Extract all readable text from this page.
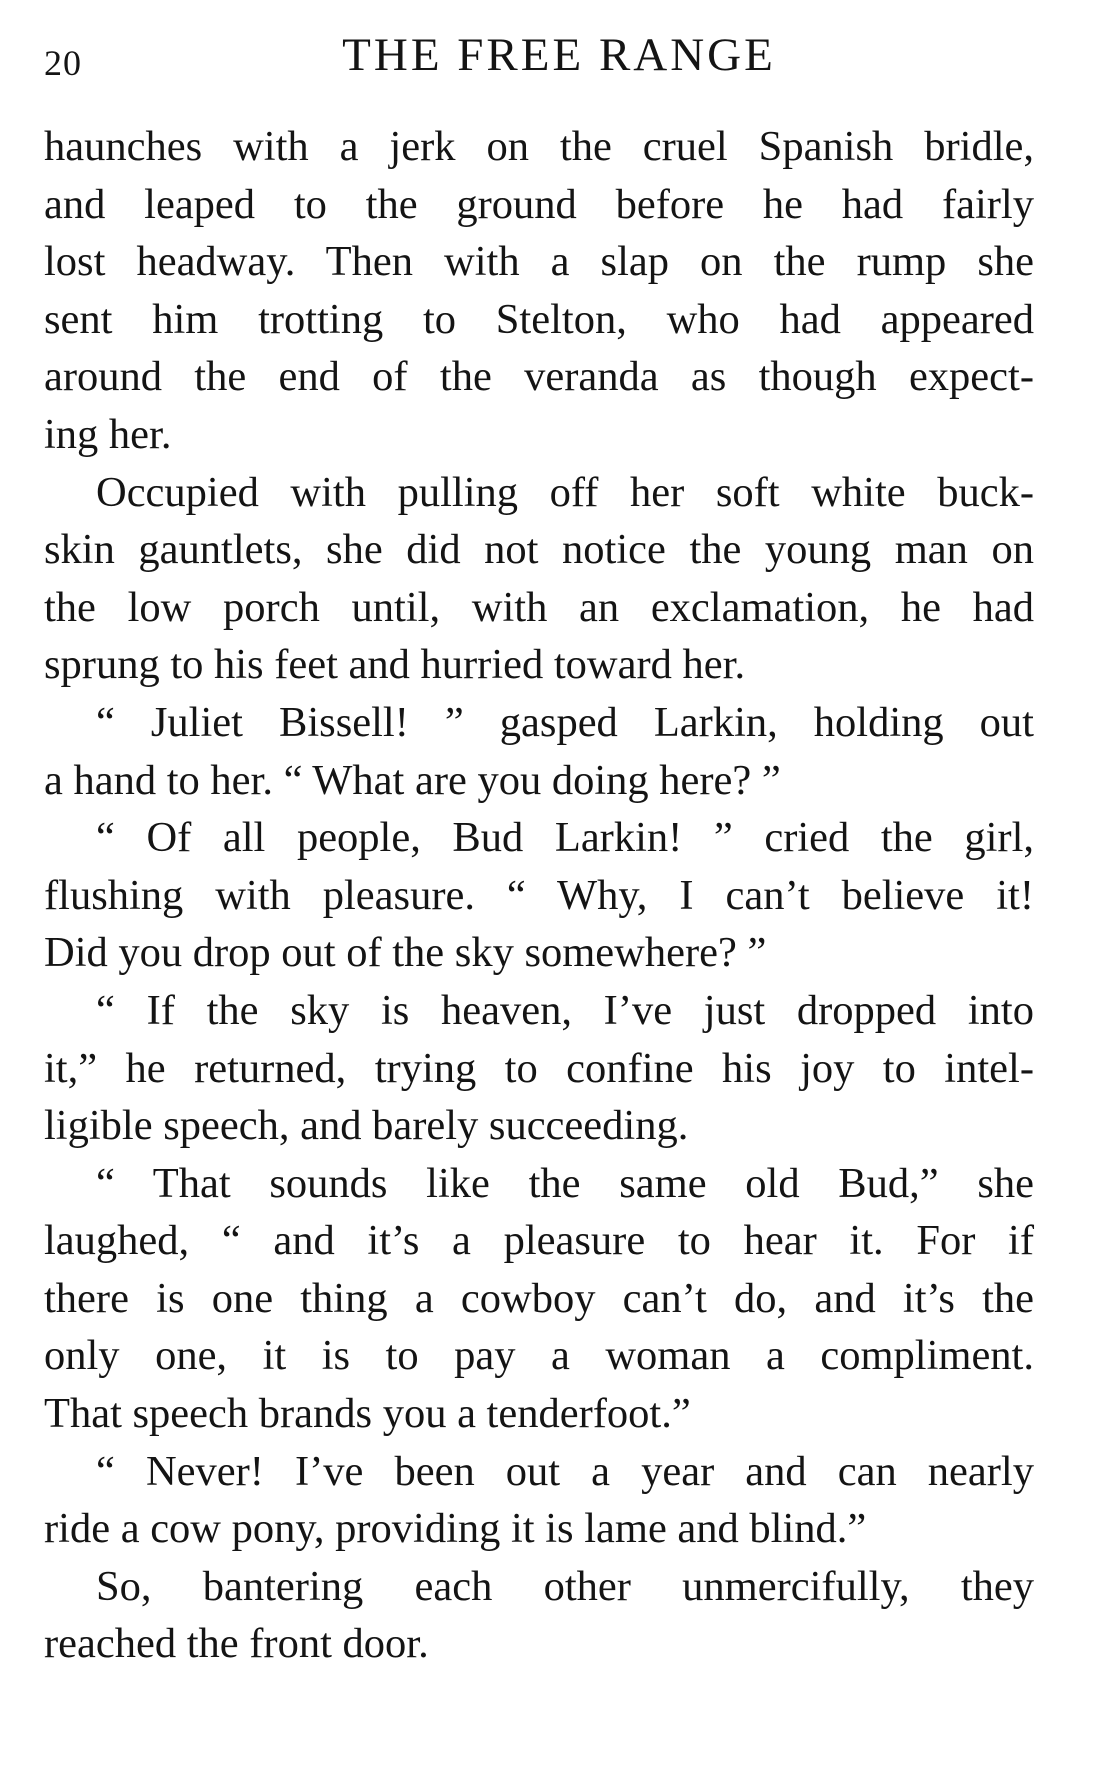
20	THE FREE RANGE
haunches with a jerk on the cruel Spanish bridle,
and leaped to the ground before he had fairly
lost headway. Then with a slap on the rump she
sent him trotting to Stelton, who had appeared
around the end of the veranda as though expect-
ing her.
Occupied with pulling off her soft white buck-
skin gauntlets, she did not notice the young man on
the low porch until, with an exclamation, he had
sprung to his feet and hurried toward her.
“ Juliet Bissell! ” gasped Larkin, holding out
a hand to her. “ What are you doing here? ”
“ Of all people, Bud Larkin! ” cried the girl,
flushing with pleasure. “ Why, I can’t believe it!
Did you drop out of the sky somewhere? ”
“ If the sky is heaven, I’ve just dropped into
it,” he returned, trying to confine his joy to intel-
ligible speech, and barely succeeding.
“ That sounds like the same old Bud,” she
laughed, “ and it’s a pleasure to hear it. For if
there is one thing a cowboy can’t do, and it’s the
only one, it is to pay a woman a compliment.
That speech brands you a tenderfoot.”
“ Never! I’ve been out a year and can nearly
ride a cow pony, providing it is lame and blind.”
So, bantering each other unmercifully, they
reached the front door.
